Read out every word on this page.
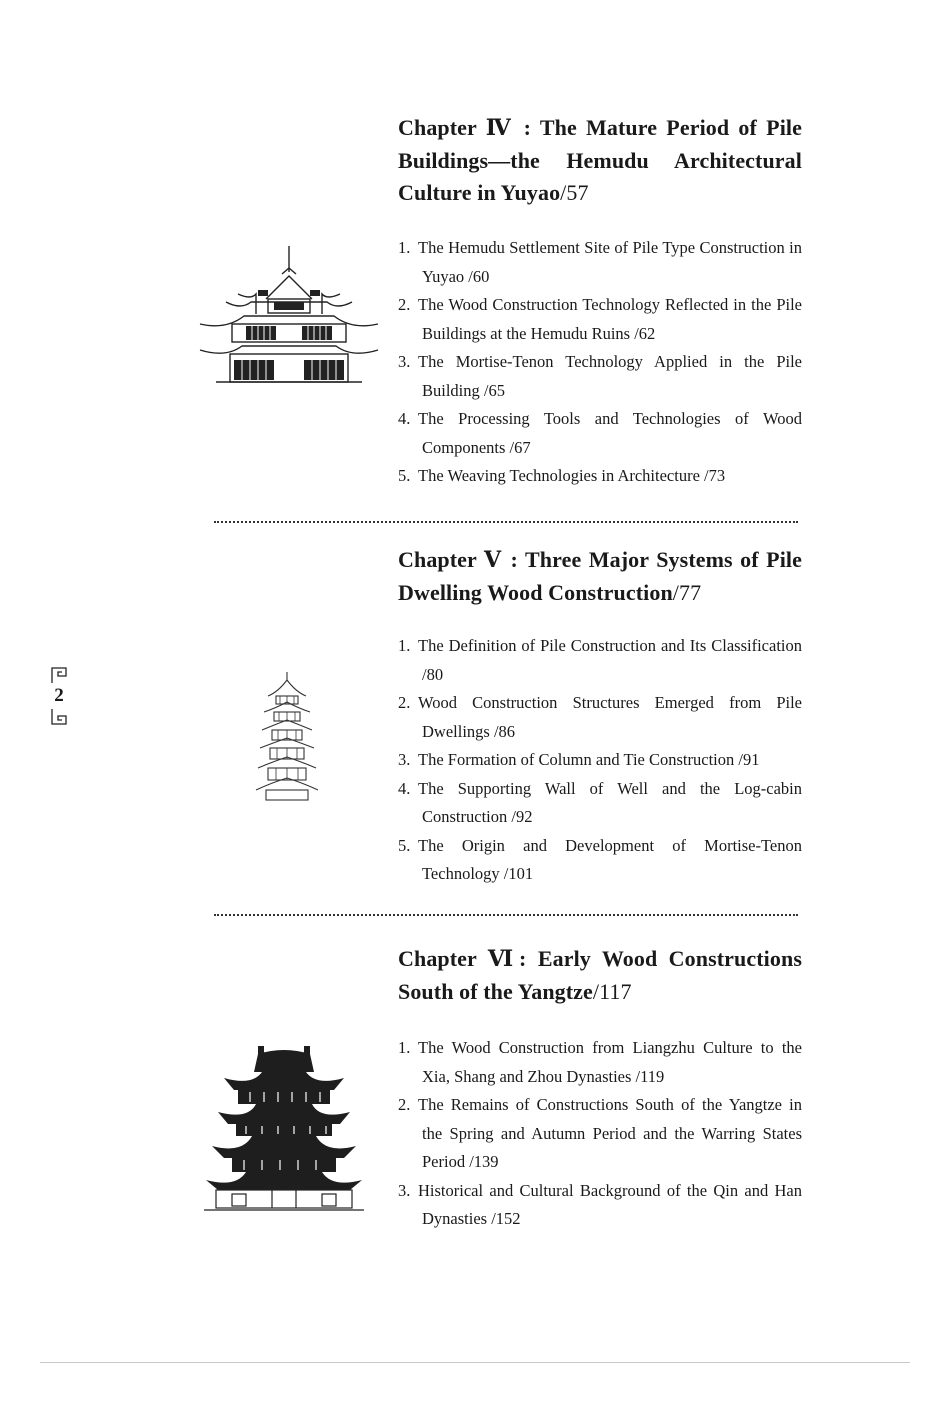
Chapter Ⅳ : The Mature Period of Pile Buildings—the Hemudu Architectural Culture in Yuyao/57
1. The Hemudu Settlement Site of Pile Type Construction in Yuyao /60
2. The Wood Construction Technology Reflected in the Pile Buildings at the Hemudu Ruins /62
3. The Mortise-Tenon Technology Applied in the Pile Building /65
4. The Processing Tools and Technologies of Wood Components /67
5. The Weaving Technologies in Architecture /73
Chapter Ⅴ : Three Major Systems of Pile Dwelling Wood Construction/77
1. The Definition of Pile Construction and Its Classification /80
2. Wood Construction Structures Emerged from Pile Dwellings /86
3. The Formation of Column and Tie Construction /91
4. The Supporting Wall of Well and the Log-cabin Construction /92
5. The Origin and Development of Mortise-Tenon Technology /101
Chapter Ⅵ: Early Wood Constructions South of the Yangtze/117
1. The Wood Construction from Liangzhu Culture to the Xia, Shang and Zhou Dynasties /119
2. The Remains of Constructions South of the Yangtze in the Spring and Autumn Period and the Warring States Period /139
3. Historical and Cultural Background of the Qin and Han Dynasties /152
2
